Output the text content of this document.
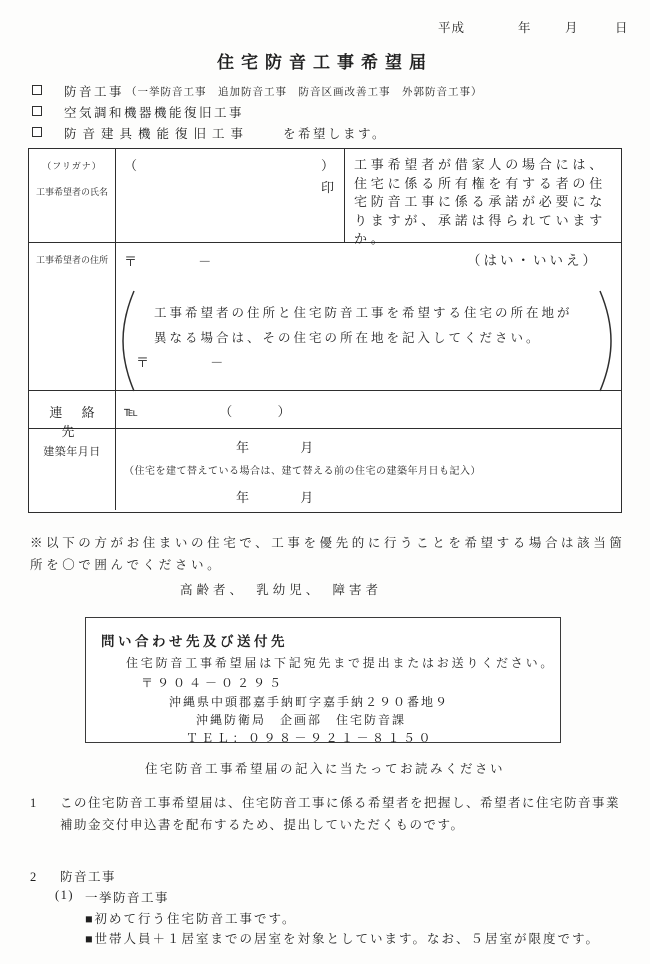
平成	年	月	日
住宅防音工事希望届
防音工事 （一挙防音工事　追加防音工事　防音区画改善工事　外郭防音工事）
空気調和機器機能復旧工事
防音建具機能復旧工事	を希望します。
（フリガナ）
工事希望者の氏名
（	）
印
工事希望者が借家人の場合には、住宅に係る所有権を有する者の住宅防音工事に係る承諾が必要になりますが、承諾は得られていますか。
（はい・いいえ）
工事希望者の住所	〒	－
工事希望者の住所と住宅防音工事を希望する住宅の所在地が
異なる場合は、その住宅の所在地を記入してください。
〒	－
連 絡 先
℡	（	）
建築年月日	年	月
（住宅を建て替えている場合は、建て替える前の住宅の建築年月日も記入）
年	月
※以下の方がお住まいの住宅で、工事を優先的に行うことを希望する場合は該当箇所を〇で囲んでください。
高齢者、　乳幼児、　障害者
問い合わせ先及び送付先
住宅防音工事希望届は下記宛先まで提出またはお送りください。
〒９０４－０２９５
沖縄県中頭郡嘉手納町字嘉手納２９０番地９
沖縄防衛局　企画部　住宅防音課
ＴＥＬ：０９８－９２１－８１５０
住宅防音工事希望届の記入に当たってお読みください
1	この住宅防音工事希望届は、住宅防音工事に係る希望者を把握し、希望者に住宅防音事業補助金交付申込書を配布するため、提出していただくものです。
2	防音工事
(1) 一挙防音工事
■初めて行う住宅防音工事です。
■世帯人員＋１居室までの居室を対象としています。なお、５居室が限度です。
